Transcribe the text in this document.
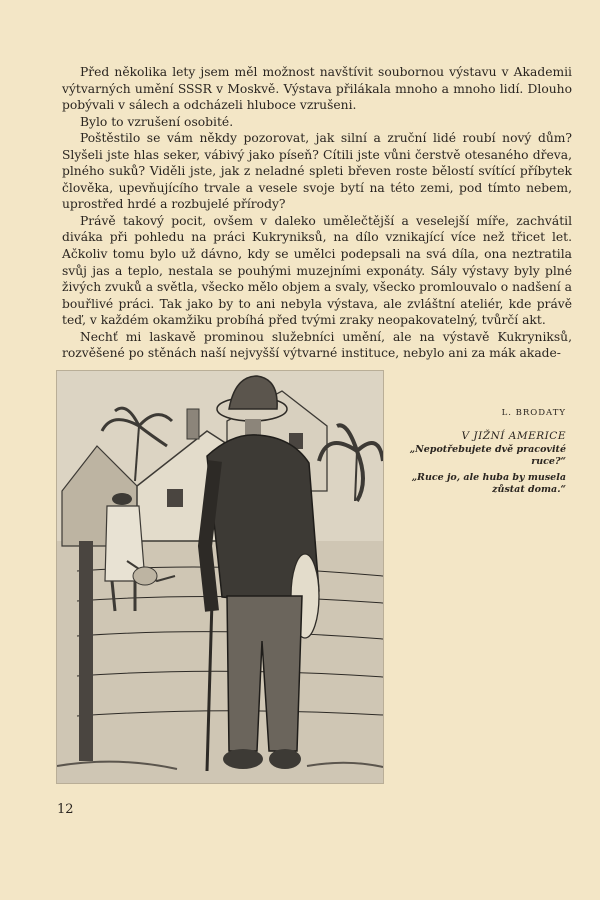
Před několika lety jsem měl možnost navštívit soubornou výstavu v Akademii výtvarných umění SSSR v Moskvě. Výstava přilákala mnoho a mnoho lidí. Dlouho pobývali v sálech a odcházeli hluboce vzrušeni.

Bylo to vzrušení osobité.

Poštěstilo se vám někdy pozorovat, jak silní a zruční lidé roubí nový dům? Slyšeli jste hlas seker, vábivý jako píseň? Cítili jste vůni čerstvě otesaného dřeva, plného suků? Viděli jste, jak z neladné spleti břeven roste bělostí svítící příbytek člověka, upevňujícího trvale a vesele svoje bytí na této zemi, pod tímto nebem, uprostřed hrdé a rozbujelé přírody?

Právě takový pocit, ovšem v daleko umělečtější a veselejší míře, zachvátil diváka při pohledu na práci Kukryniksů, na dílo vznikající více než třicet let. Ačkoliv tomu bylo už dávno, kdy se umělci podepsali na svá díla, ona neztratila svůj jas a teplo, nestala se pouhými muzejními exponáty. Sály výstavy byly plné živých zvuků a světla, všecko mělo objem a svaly, všecko promlouvalo o nadšení a bouřlivé práci. Tak jako by to ani nebyla výstava, ale zvláštní ateliér, kde právě teď, v každém okamžiku probíhá před tvými zraky neopakovatelný, tvůrčí akt.

Nechť mi laskavě prominou služebníci umění, ale na výstavě Kukryniksů, rozvěšené po stěnách naší nejvyšší výtvarné instituce, nebylo ani za mák akade-

L. BRODATY

V JIŽNÍ AMERICE

„Nepotřebujete dvě pracovité ruce?“

„Ruce jo, ale huba by musela zůstat doma.“

12
